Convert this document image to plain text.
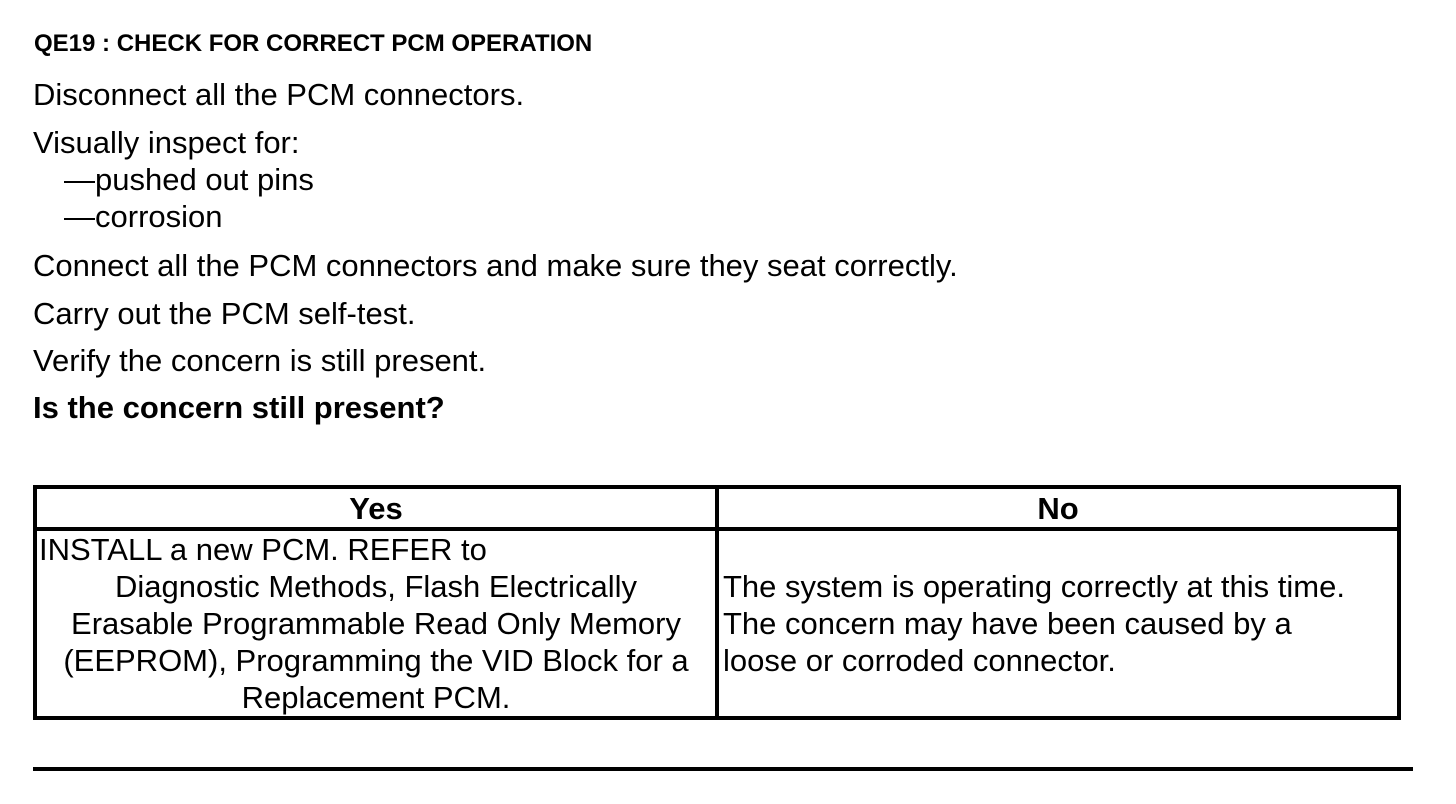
QE19 : CHECK FOR CORRECT PCM OPERATION
Disconnect all the PCM connectors.
Visually inspect for:
—pushed out pins
—corrosion
Connect all the PCM connectors and make sure they seat correctly.
Carry out the PCM self-test.
Verify the concern is still present.
Is the concern still present?
Yes	No

INSTALL a new PCM. REFER to
Diagnostic Methods, Flash Electrically
Erasable Programmable Read Only Memory
(EEPROM), Programming the VID Block for a
Replacement PCM.	The system is operating correctly at this time.
The concern may have been caused by a
loose or corroded connector.
